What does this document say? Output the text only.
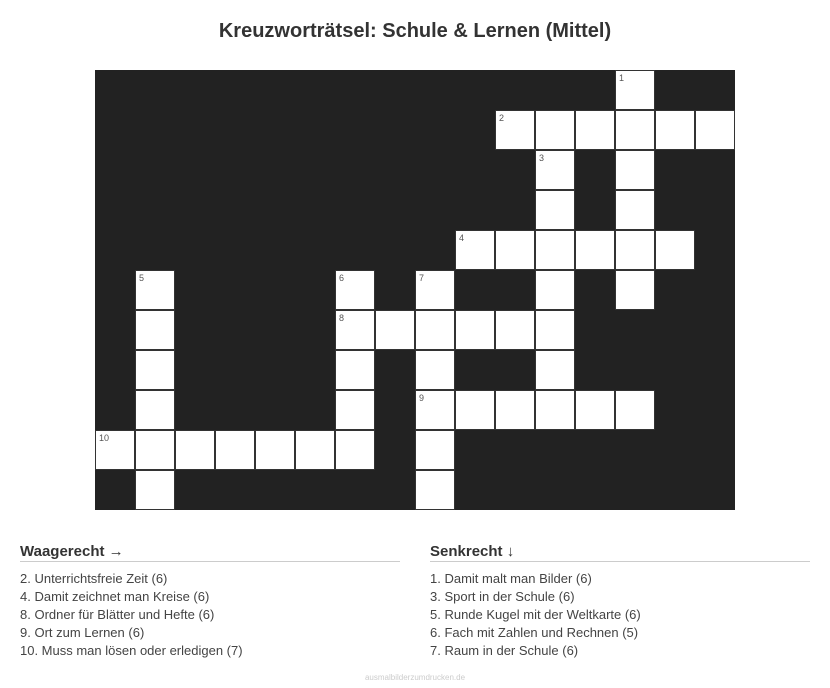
Kreuzworträtsel: Schule & Lernen (Mittel)
1
2
3
4
5	6	7
8
9
10
Waagerecht →
2. Unterrichtsfreie Zeit (6)
4. Damit zeichnet man Kreise (6)
8. Ordner für Blätter und Hefte (6)
9. Ort zum Lernen (6)
10. Muss man lösen oder erledigen (7)
Senkrecht ↓
1. Damit malt man Bilder (6)
3. Sport in der Schule (6)
5. Runde Kugel mit der Weltkarte (6)
6. Fach mit Zahlen und Rechnen (5)
7. Raum in der Schule (6)
ausmalbilderzumdrucken.de
